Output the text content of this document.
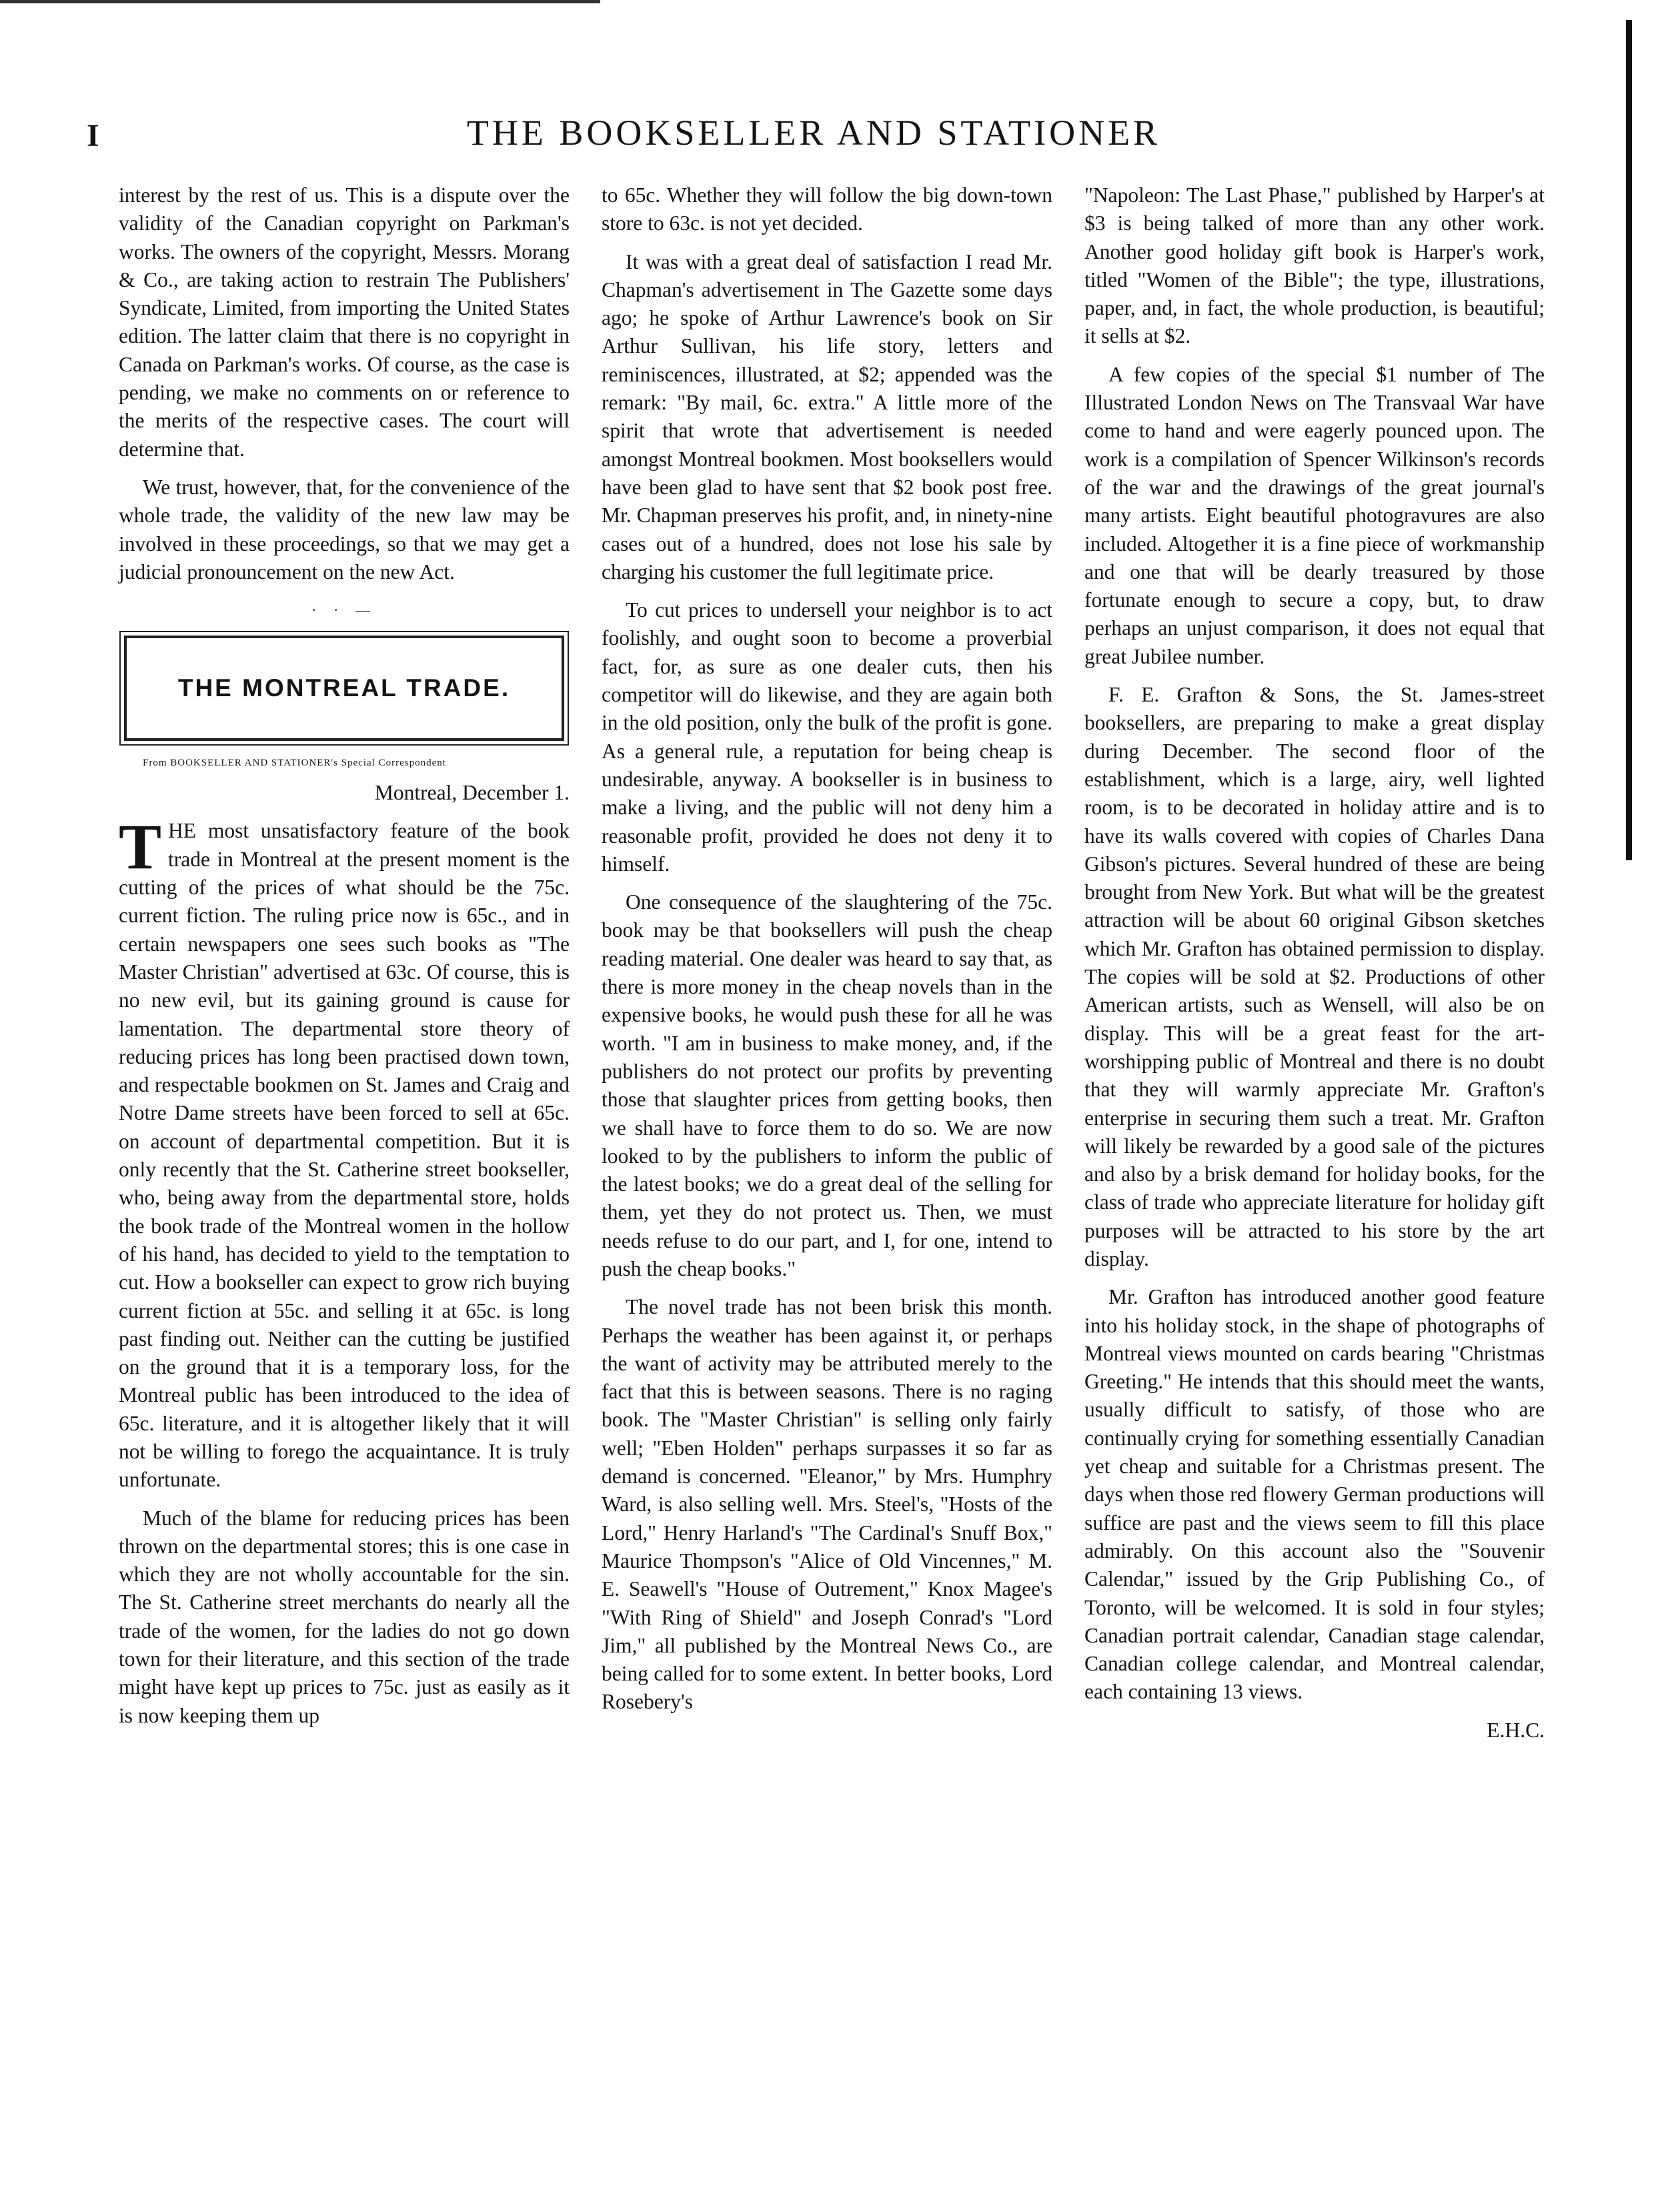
I	THE BOOKSELLER AND STATIONER

interest by the rest of us. This is a dispute over the validity of the Canadian copyright on Parkman's works. The owners of the copyright, Messrs. Morang & Co., are taking action to restrain The Publishers' Syndicate, Limited, from importing the United States edition. The latter claim that there is no copyright in Canada on Parkman's works. Of course, as the case is pending, we make no comments on or reference to the merits of the respective cases. The court will determine that.

We trust, however, that, for the convenience of the whole trade, the validity of the new law may be involved in these proceedings, so that we may get a judicial pronouncement on the new Act.

· · —
THE MONTREAL TRADE.

From BOOKSELLER AND STATIONER's Special Correspondent

Montreal, December 1.

THE most unsatisfactory feature of the book trade in Montreal at the present moment is the cutting of the prices of what should be the 75c. current fiction. The ruling price now is 65c., and in certain newspapers one sees such books as "The Master Christian" advertised at 63c. Of course, this is no new evil, but its gaining ground is cause for lamentation. The departmental store theory of reducing prices has long been practised down town, and respectable bookmen on St. James and Craig and Notre Dame streets have been forced to sell at 65c. on account of departmental competition. But it is only recently that the St. Catherine street bookseller, who, being away from the departmental store, holds the book trade of the Montreal women in the hollow of his hand, has decided to yield to the temptation to cut. How a bookseller can expect to grow rich buying current fiction at 55c. and selling it at 65c. is long past finding out. Neither can the cutting be justified on the ground that it is a temporary loss, for the Montreal public has been introduced to the idea of 65c. literature, and it is altogether likely that it will not be willing to forego the acquaintance. It is truly unfortunate.

Much of the blame for reducing prices has been thrown on the departmental stores; this is one case in which they are not wholly accountable for the sin. The St. Catherine street merchants do nearly all the trade of the women, for the ladies do not go down town for their literature, and this section of the trade might have kept up prices to 75c. just as easily as it is now keeping them up

to 65c. Whether they will follow the big down-town store to 63c. is not yet decided.

It was with a great deal of satisfaction I read Mr. Chapman's advertisement in The Gazette some days ago; he spoke of Arthur Lawrence's book on Sir Arthur Sullivan, his life story, letters and reminiscences, illustrated, at $2; appended was the remark: "By mail, 6c. extra." A little more of the spirit that wrote that advertisement is needed amongst Montreal bookmen. Most booksellers would have been glad to have sent that $2 book post free. Mr. Chapman preserves his profit, and, in ninety-nine cases out of a hundred, does not lose his sale by charging his customer the full legitimate price.

To cut prices to undersell your neighbor is to act foolishly, and ought soon to become a proverbial fact, for, as sure as one dealer cuts, then his competitor will do likewise, and they are again both in the old position, only the bulk of the profit is gone. As a general rule, a reputation for being cheap is undesirable, anyway. A bookseller is in business to make a living, and the public will not deny him a reasonable profit, provided he does not deny it to himself.

One consequence of the slaughtering of the 75c. book may be that booksellers will push the cheap reading material. One dealer was heard to say that, as there is more money in the cheap novels than in the expensive books, he would push these for all he was worth. "I am in business to make money, and, if the publishers do not protect our profits by preventing those that slaughter prices from getting books, then we shall have to force them to do so. We are now looked to by the publishers to inform the public of the latest books; we do a great deal of the selling for them, yet they do not protect us. Then, we must needs refuse to do our part, and I, for one, intend to push the cheap books."

The novel trade has not been brisk this month. Perhaps the weather has been against it, or perhaps the want of activity may be attributed merely to the fact that this is between seasons. There is no raging book. The "Master Christian" is selling only fairly well; "Eben Holden" perhaps surpasses it so far as demand is concerned. "Eleanor," by Mrs. Humphry Ward, is also selling well. Mrs. Steel's, "Hosts of the Lord," Henry Harland's "The Cardinal's Snuff Box," Maurice Thompson's "Alice of Old Vincennes," M. E. Seawell's "House of Outrement," Knox Magee's "With Ring of Shield" and Joseph Conrad's "Lord Jim," all published by the Montreal News Co., are being called for to some extent. In better books, Lord Rosebery's

"Napoleon: The Last Phase," published by Harper's at $3 is being talked of more than any other work. Another good holiday gift book is Harper's work, titled "Women of the Bible"; the type, illustrations, paper, and, in fact, the whole production, is beautiful; it sells at $2.

A few copies of the special $1 number of The Illustrated London News on The Transvaal War have come to hand and were eagerly pounced upon. The work is a compilation of Spencer Wilkinson's records of the war and the drawings of the great journal's many artists. Eight beautiful photogravures are also included. Altogether it is a fine piece of workmanship and one that will be dearly treasured by those fortunate enough to secure a copy, but, to draw perhaps an unjust comparison, it does not equal that great Jubilee number.

F. E. Grafton & Sons, the St. James-street booksellers, are preparing to make a great display during December. The second floor of the establishment, which is a large, airy, well lighted room, is to be decorated in holiday attire and is to have its walls covered with copies of Charles Dana Gibson's pictures. Several hundred of these are being brought from New York. But what will be the greatest attraction will be about 60 original Gibson sketches which Mr. Grafton has obtained permission to display. The copies will be sold at $2. Productions of other American artists, such as Wensell, will also be on display. This will be a great feast for the art-worshipping public of Montreal and there is no doubt that they will warmly appreciate Mr. Grafton's enterprise in securing them such a treat. Mr. Grafton will likely be rewarded by a good sale of the pictures and also by a brisk demand for holiday books, for the class of trade who appreciate literature for holiday gift purposes will be attracted to his store by the art display.

Mr. Grafton has introduced another good feature into his holiday stock, in the shape of photographs of Montreal views mounted on cards bearing "Christmas Greeting." He intends that this should meet the wants, usually difficult to satisfy, of those who are continually crying for something essentially Canadian yet cheap and suitable for a Christmas present. The days when those red flowery German productions will suffice are past and the views seem to fill this place admirably. On this account also the "Souvenir Calendar," issued by the Grip Publishing Co., of Toronto, will be welcomed. It is sold in four styles; Canadian portrait calendar, Canadian stage calendar, Canadian college calendar, and Montreal calendar, each containing 13 views.

E.H.C.
